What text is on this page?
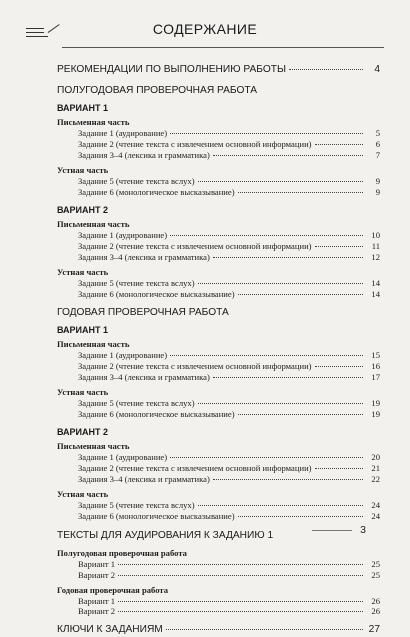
СОДЕРЖАНИЕ
РЕКОМЕНДАЦИИ ПО ВЫПОЛНЕНИЮ РАБОТЫ	4
ПОЛУГОДОВАЯ ПРОВЕРОЧНАЯ РАБОТА
ВАРИАНТ 1
Письменная часть
Задание 1 (аудирование)	5
Задание 2 (чтение текста с извлечением основной информации)	6
Задания 3–4 (лексика и грамматика)	7
Устная часть
Задание 5 (чтение текста вслух)	9
Задание 6 (монологическое высказывание)	9
ВАРИАНТ 2
Письменная часть
Задание 1 (аудирование)	10
Задание 2 (чтение текста с извлечением основной информации)	11
Задания 3–4 (лексика и грамматика)	12
Устная часть
Задание 5 (чтение текста вслух)	14
Задание 6 (монологическое высказывание)	14
ГОДОВАЯ ПРОВЕРОЧНАЯ РАБОТА
ВАРИАНТ 1
Письменная часть
Задание 1 (аудирование)	15
Задание 2 (чтение текста с извлечением основной информации)	16
Задания 3–4 (лексика и грамматика)	17
Устная часть
Задание 5 (чтение текста вслух)	19
Задание 6 (монологическое высказывание)	19
ВАРИАНТ 2
Письменная часть
Задание 1 (аудирование)	20
Задание 2 (чтение текста с извлечением основной информации)	21
Задания 3–4 (лексика и грамматика)	22
Устная часть
Задание 5 (чтение текста вслух)	24
Задание 6 (монологическое высказывание)	24
ТЕКСТЫ ДЛЯ АУДИРОВАНИЯ К ЗАДАНИЮ 1
Полугодовая проверочная работа
Вариант 1	25
Вариант 2	25
Годовая проверочная работа
Вариант 1	26
Вариант 2	26
КЛЮЧИ К ЗАДАНИЯМ	27
3
